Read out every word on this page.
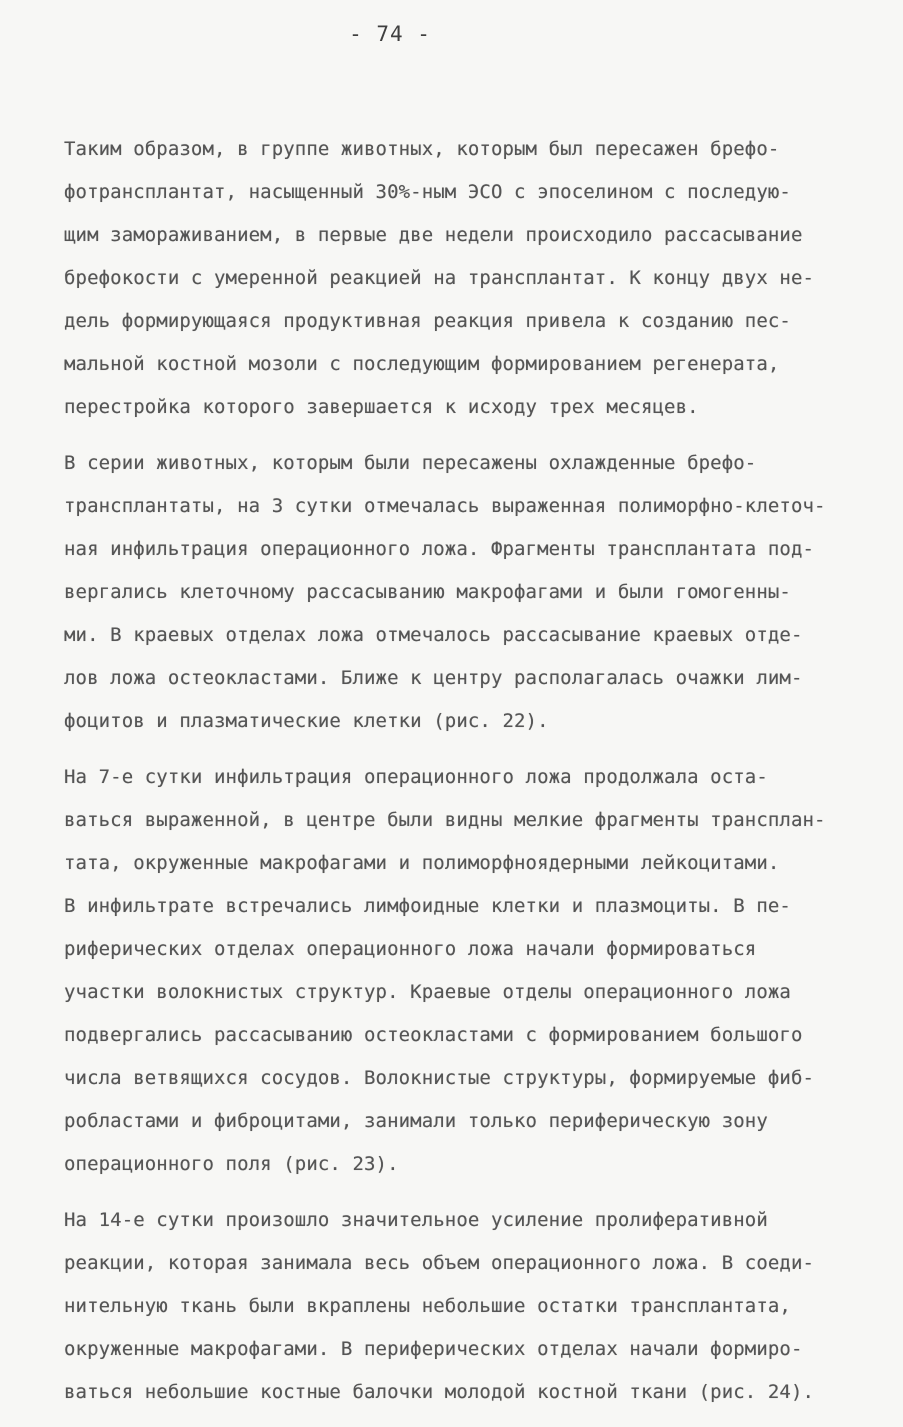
- 74 -
Таким образом, в группе животных, которым был пересажен брефо-
фотрансплантат, насыщенный 30%-ным ЭСО с эпоселином с последую-
щим замораживанием, в первые две недели происходило рассасывание
брефокости с умеренной реакцией на трансплантат. К концу двух не-
дель формирующаяся продуктивная реакция привела к созданию пес-
мальной костной мозоли с последующим формированием регенерата,
перестройка которого завершается к исходу трех месяцев.
В серии животных, которым были пересажены охлажденные брефо-
трансплантаты, на 3 сутки отмечалась выраженная полиморфно-клеточ-
ная инфильтрация операционного ложа. Фрагменты трансплантата под-
вергались клеточному рассасыванию макрофагами и были гомогенны-
ми. В краевых отделах ложа отмечалось рассасывание краевых отде-
лов ложа остеокластами. Ближе к центру располагалась очажки лим-
фоцитов и плазматические клетки (рис. 22).
На 7-е сутки инфильтрация операционного ложа продолжала оста-
ваться выраженной, в центре были видны мелкие фрагменты трансплан-
тата, окруженные макрофагами и полиморфноядерными лейкоцитами.
В инфильтрате встречались лимфоидные клетки и плазмоциты. В пе-
риферических отделах операционного ложа начали формироваться
участки волокнистых структур. Краевые отделы операционного ложа
подвергались рассасыванию остеокластами с формированием большого
числа ветвящихся сосудов. Волокнистые структуры, формируемые фиб-
робластами и фиброцитами, занимали только периферическую зону
операционного поля (рис. 23).
На 14-е сутки произошло значительное усиление пролиферативной
реакции, которая занимала весь объем операционного ложа. В соеди-
нительную ткань были вкраплены небольшие остатки трансплантата,
окруженные макрофагами. В периферических отделах начали формиро-
ваться небольшие костные балочки молодой костной ткани (рис. 24).
